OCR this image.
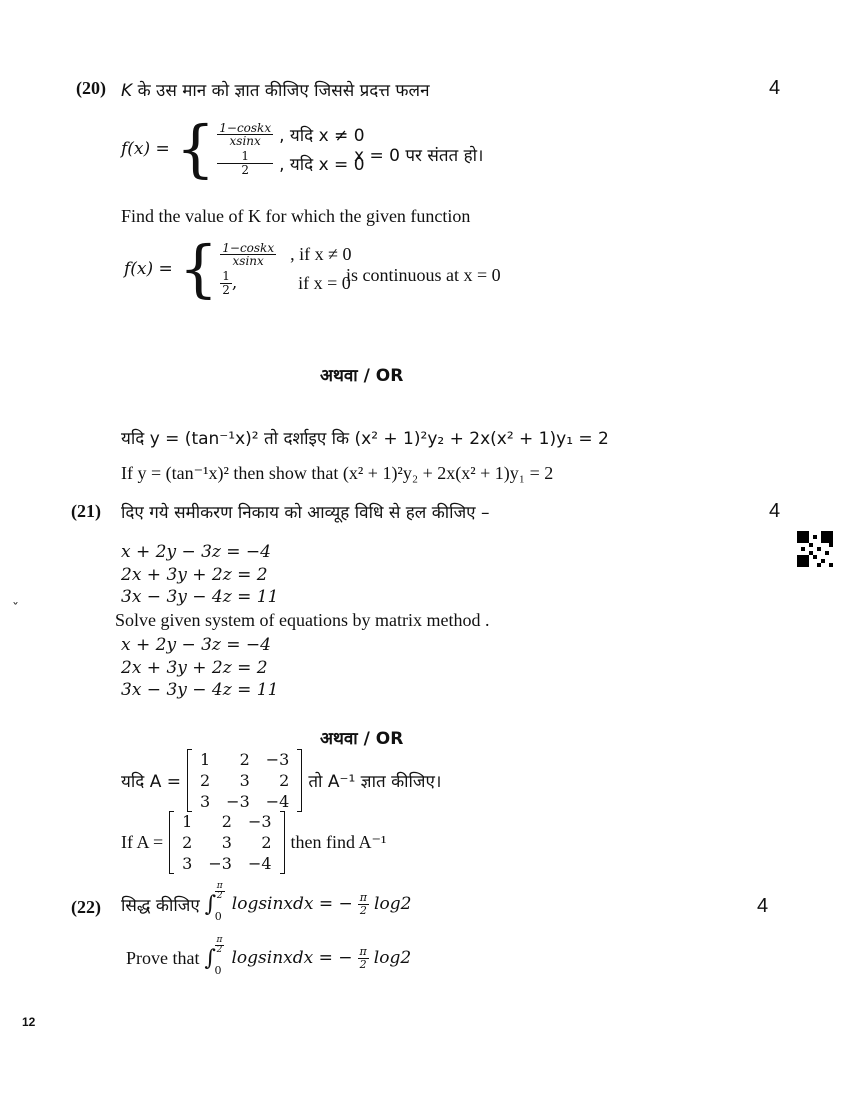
(20) K के उस मान को ज्ञात कीजिए जिससे प्रदत्त फलन	4
f(x) = { $\frac{\text{1−coskx}}{xsinx}$ , यदि x ≠ 0
$\frac{1}{2}$ , यदि x = 0
x = 0 पर संतत हो।
Find the value of K for which the given function
f(x) = { $\frac{\text{1−coskx}}{xsinx}$ , if x ≠ 0
$\frac{1}{2}$ ,	if x = 0
is continuous at x = 0
अथवा / OR
यदि y = (tan⁻¹x)² तो दर्शाइए कि (x² + 1)²y₂ + 2x(x² + 1)y₁ = 2
If y = (tan⁻¹x)² then show that (x² + 1)²y₂ + 2x(x² + 1)y₁ = 2
(21) दिए गये समीकरण निकाय को आव्यूह विधि से हल कीजिए –	4
x + 2y − 3z = −4
2x + 3y + 2z = 2
3x − 3y − 4z = 11
ˇ
Solve given system of equations by matrix method .
x + 2y − 3z = −4
2x + 3y + 2z = 2
3x − 3y − 4z = 11
अथवा / OR
यदि A =
1	2	−3
2	3	2
3	−3	−4
तो A⁻¹ ज्ञात कीजिए।
If A =
1	2	−3
2	3	2
3	−3	−4
then find A⁻¹
(22)	4
सिद्ध कीजिए ∫
$\frac{\pi}{2}$
0
logsinxdx = − $\frac{\pi}{2} \log 2$
Prove that ∫
$\frac{\pi}{2}$
0
logsinxdx = − $\frac{\pi}{2} \log 2$
12
